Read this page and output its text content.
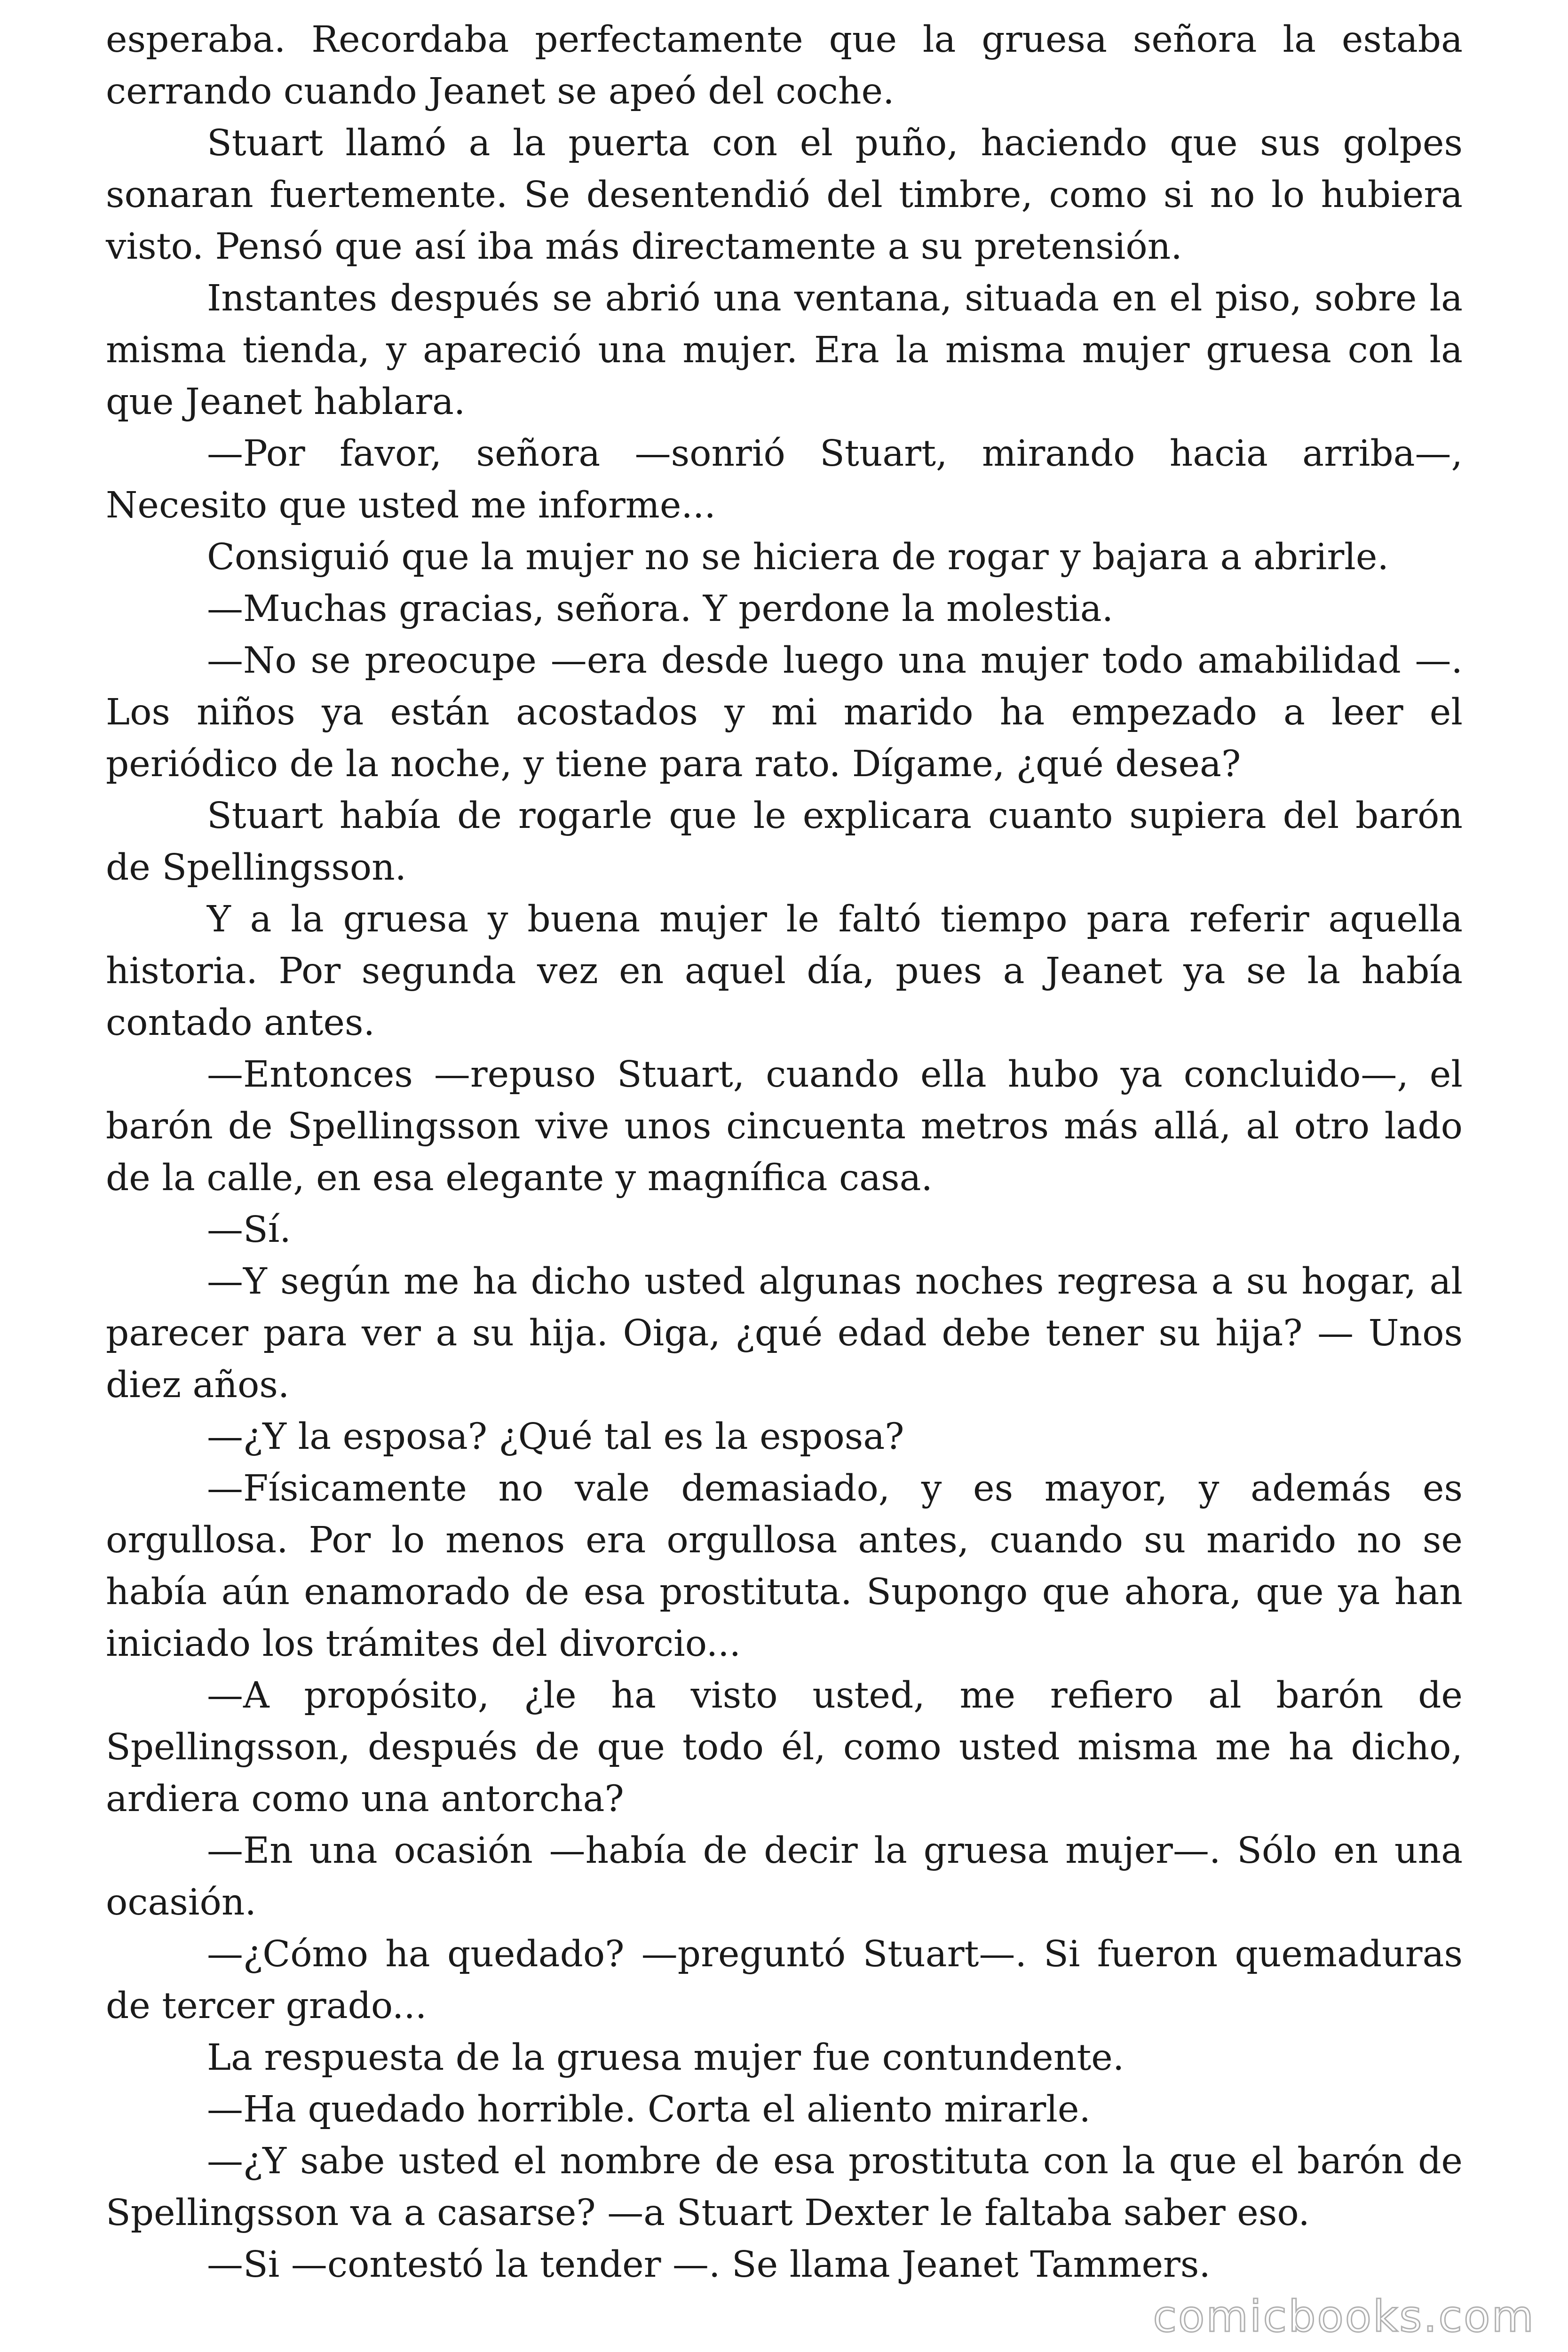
esperaba. Recordaba perfectamente que la gruesa señora la estaba cerrando cuando Jeanet se apeó del coche.

Stuart llamó a la puerta con el puño, haciendo que sus golpes sonaran fuertemente. Se desentendió del timbre, como si no lo hubiera visto. Pensó que así iba más directamente a su pretensión.

Instantes después se abrió una ventana, situada en el piso, sobre la misma tienda, y apareció una mujer. Era la misma mujer gruesa con la que Jeanet hablara.

—Por favor, señora —sonrió Stuart, mirando hacia arriba—, Necesito que usted me informe...

Consiguió que la mujer no se hiciera de rogar y bajara a abrirle.

—Muchas gracias, señora. Y perdone la molestia.

—No se preocupe —era desde luego una mujer todo amabilidad —. Los niños ya están acostados y mi marido ha empezado a leer el periódico de la noche, y tiene para rato. Dígame, ¿qué desea?

Stuart había de rogarle que le explicara cuanto supiera del barón de Spellingsson.

Y a la gruesa y buena mujer le faltó tiempo para referir aquella historia. Por segunda vez en aquel día, pues a Jeanet ya se la había contado antes.

—Entonces —repuso Stuart, cuando ella hubo ya concluido—, el barón de Spellingsson vive unos cincuenta metros más allá, al otro lado de la calle, en esa elegante y magnífica casa.

—Sí.

—Y según me ha dicho usted algunas noches regresa a su hogar, al parecer para ver a su hija. Oiga, ¿qué edad debe tener su hija? — Unos diez años.

—¿Y la esposa? ¿Qué tal es la esposa?

—Físicamente no vale demasiado, y es mayor, y además es orgullosa. Por lo menos era orgullosa antes, cuando su marido no se había aún enamorado de esa prostituta. Supongo que ahora, que ya han iniciado los trámites del divorcio...

—A propósito, ¿le ha visto usted, me refiero al barón de Spellingsson, después de que todo él, como usted misma me ha dicho, ardiera como una antorcha?

—En una ocasión —había de decir la gruesa mujer—. Sólo en una ocasión.

—¿Cómo ha quedado? —preguntó Stuart—. Si fueron quemaduras de tercer grado...

La respuesta de la gruesa mujer fue contundente.

—Ha quedado horrible. Corta el aliento mirarle.

—¿Y sabe usted el nombre de esa prostituta con la que el barón de Spellingsson va a casarse? —a Stuart Dexter le faltaba saber eso.

—Si —contestó la tender —. Se llama Jeanet Tammers.

comicbooks.com
